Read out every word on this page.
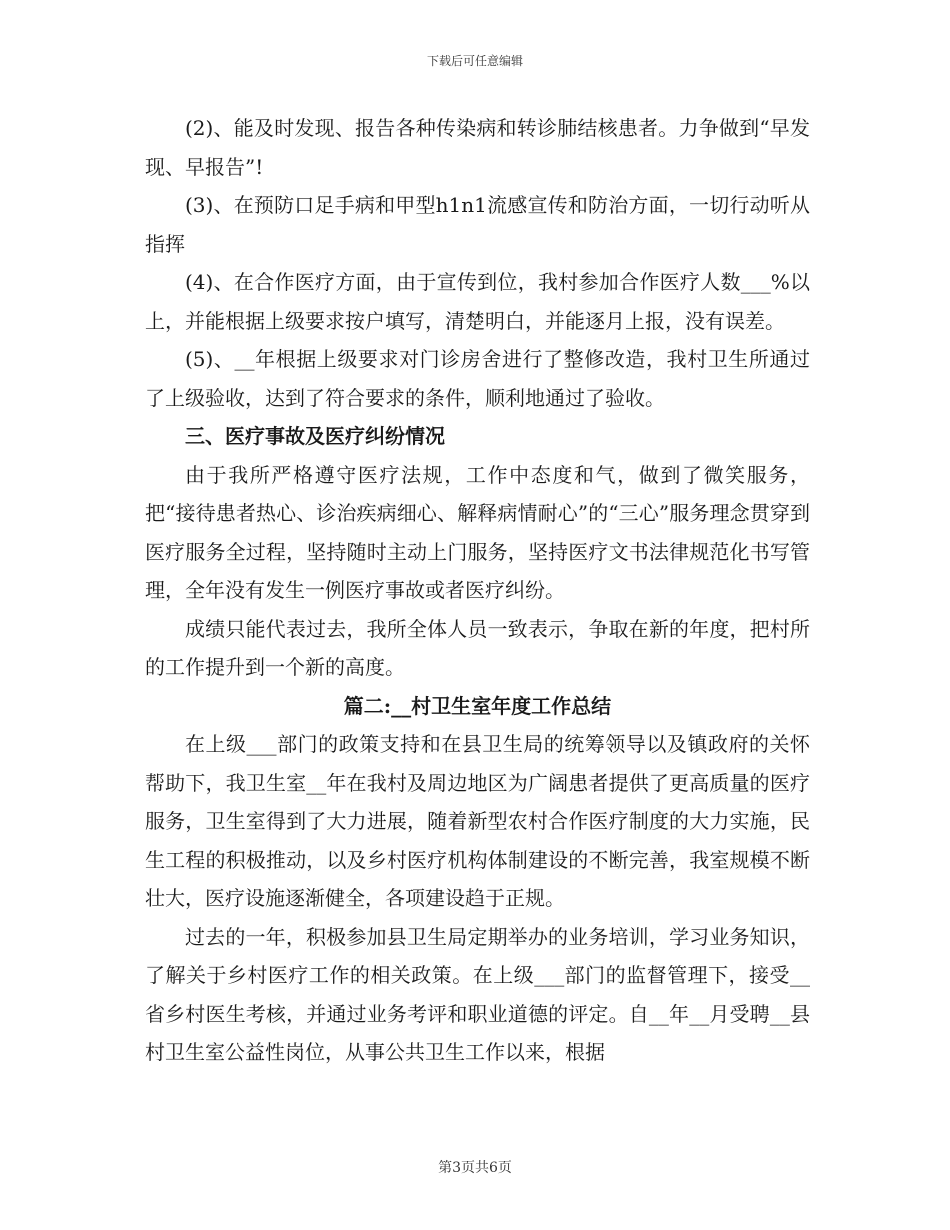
下载后可任意编辑

(2)、能及时发现、报告各种传染病和转诊肺结核患者。力争做到“早发现、早报告”!

(3)、在预防口足手病和甲型h1n1流感宣传和防治方面，一切行动听从指挥

(4)、在合作医疗方面，由于宣传到位，我村参加合作医疗人数___%以上，并能根据上级要求按户填写，清楚明白，并能逐月上报，没有误差。

(5)、__年根据上级要求对门诊房舍进行了整修改造，我村卫生所通过了上级验收，达到了符合要求的条件，顺利地通过了验收。

三、医疗事故及医疗纠纷情况

由于我所严格遵守医疗法规，工作中态度和气，做到了微笑服务，把“接待患者热心、诊治疾病细心、解释病情耐心”的“三心”服务理念贯穿到医疗服务全过程，坚持随时主动上门服务，坚持医疗文书法律规范化书写管理，全年没有发生一例医疗事故或者医疗纠纷。

成绩只能代表过去，我所全体人员一致表示，争取在新的年度，把村所的工作提升到一个新的高度。

篇二:__村卫生室年度工作总结

在上级___部门的政策支持和在县卫生局的统筹领导以及镇政府的关怀帮助下，我卫生室__年在我村及周边地区为广阔患者提供了更高质量的医疗服务，卫生室得到了大力进展，随着新型农村合作医疗制度的大力实施，民生工程的积极推动，以及乡村医疗机构体制建设的不断完善，我室规模不断壮大，医疗设施逐渐健全，各项建设趋于正规。

过去的一年，积极参加县卫生局定期举办的业务培训，学习业务知识，了解关于乡村医疗工作的相关政策。在上级___部门的监督管理下，接受__省乡村医生考核，并通过业务考评和职业道德的评定。自__年__月受聘__县村卫生室公益性岗位，从事公共卫生工作以来，根据

第3页共6页
